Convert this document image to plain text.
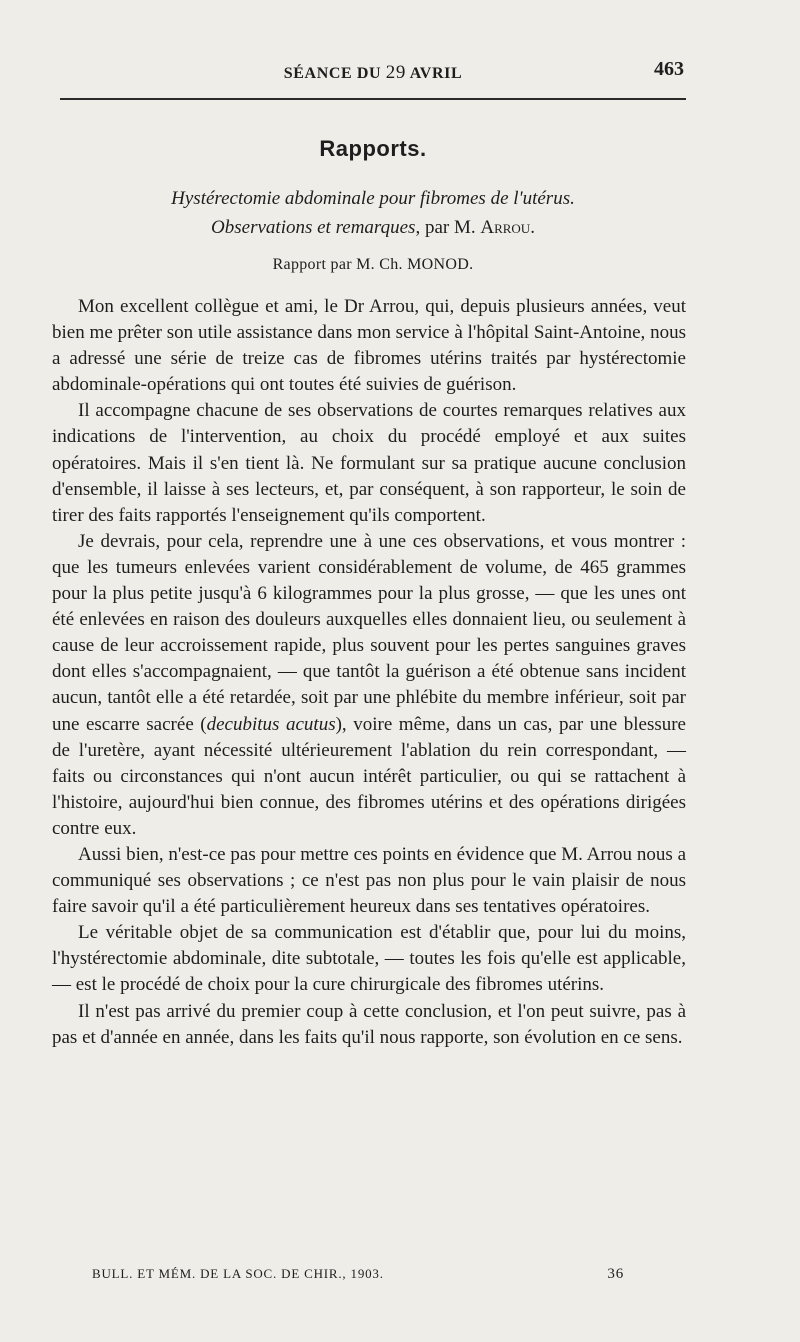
SÉANCE DU 29 AVRIL	463
Rapports.
Hystérectomie abdominale pour fibromes de l'utérus.
Observations et remarques, par M. Arrou.
Rapport par M. Ch. MONOD.

Mon excellent collègue et ami, le Dr Arrou, qui, depuis plusieurs années, veut bien me prêter son utile assistance dans mon service à l'hôpital Saint-Antoine, nous a adressé une série de treize cas de fibromes utérins traités par hystérectomie abdominale-opérations qui ont toutes été suivies de guérison.

Il accompagne chacune de ses observations de courtes remarques relatives aux indications de l'intervention, au choix du procédé employé et aux suites opératoires. Mais il s'en tient là. Ne formulant sur sa pratique aucune conclusion d'ensemble, il laisse à ses lecteurs, et, par conséquent, à son rapporteur, le soin de tirer des faits rapportés l'enseignement qu'ils comportent.

Je devrais, pour cela, reprendre une à une ces observations, et vous montrer : que les tumeurs enlevées varient considérablement de volume, de 465 grammes pour la plus petite jusqu'à 6 kilogrammes pour la plus grosse, — que les unes ont été enlevées en raison des douleurs auxquelles elles donnaient lieu, ou seulement à cause de leur accroissement rapide, plus souvent pour les pertes sanguines graves dont elles s'accompagnaient, — que tantôt la guérison a été obtenue sans incident aucun, tantôt elle a été retardée, soit par une phlébite du membre inférieur, soit par une escarre sacrée (decubitus acutus), voire même, dans un cas, par une blessure de l'uretère, ayant nécessité ultérieurement l'ablation du rein correspondant, — faits ou circonstances qui n'ont aucun intérêt particulier, ou qui se rattachent à l'histoire, aujourd'hui bien connue, des fibromes utérins et des opérations dirigées contre eux.

Aussi bien, n'est-ce pas pour mettre ces points en évidence que M. Arrou nous a communiqué ses observations ; ce n'est pas non plus pour le vain plaisir de nous faire savoir qu'il a été particulièrement heureux dans ses tentatives opératoires.

Le véritable objet de sa communication est d'établir que, pour lui du moins, l'hystérectomie abdominale, dite subtotale, — toutes les fois qu'elle est applicable, — est le procédé de choix pour la cure chirurgicale des fibromes utérins.

Il n'est pas arrivé du premier coup à cette conclusion, et l'on peut suivre, pas à pas et d'année en année, dans les faits qu'il nous rapporte, son évolution en ce sens.

BULL. ET MÉM. DE LA SOC. DE CHIR., 1903.	36
